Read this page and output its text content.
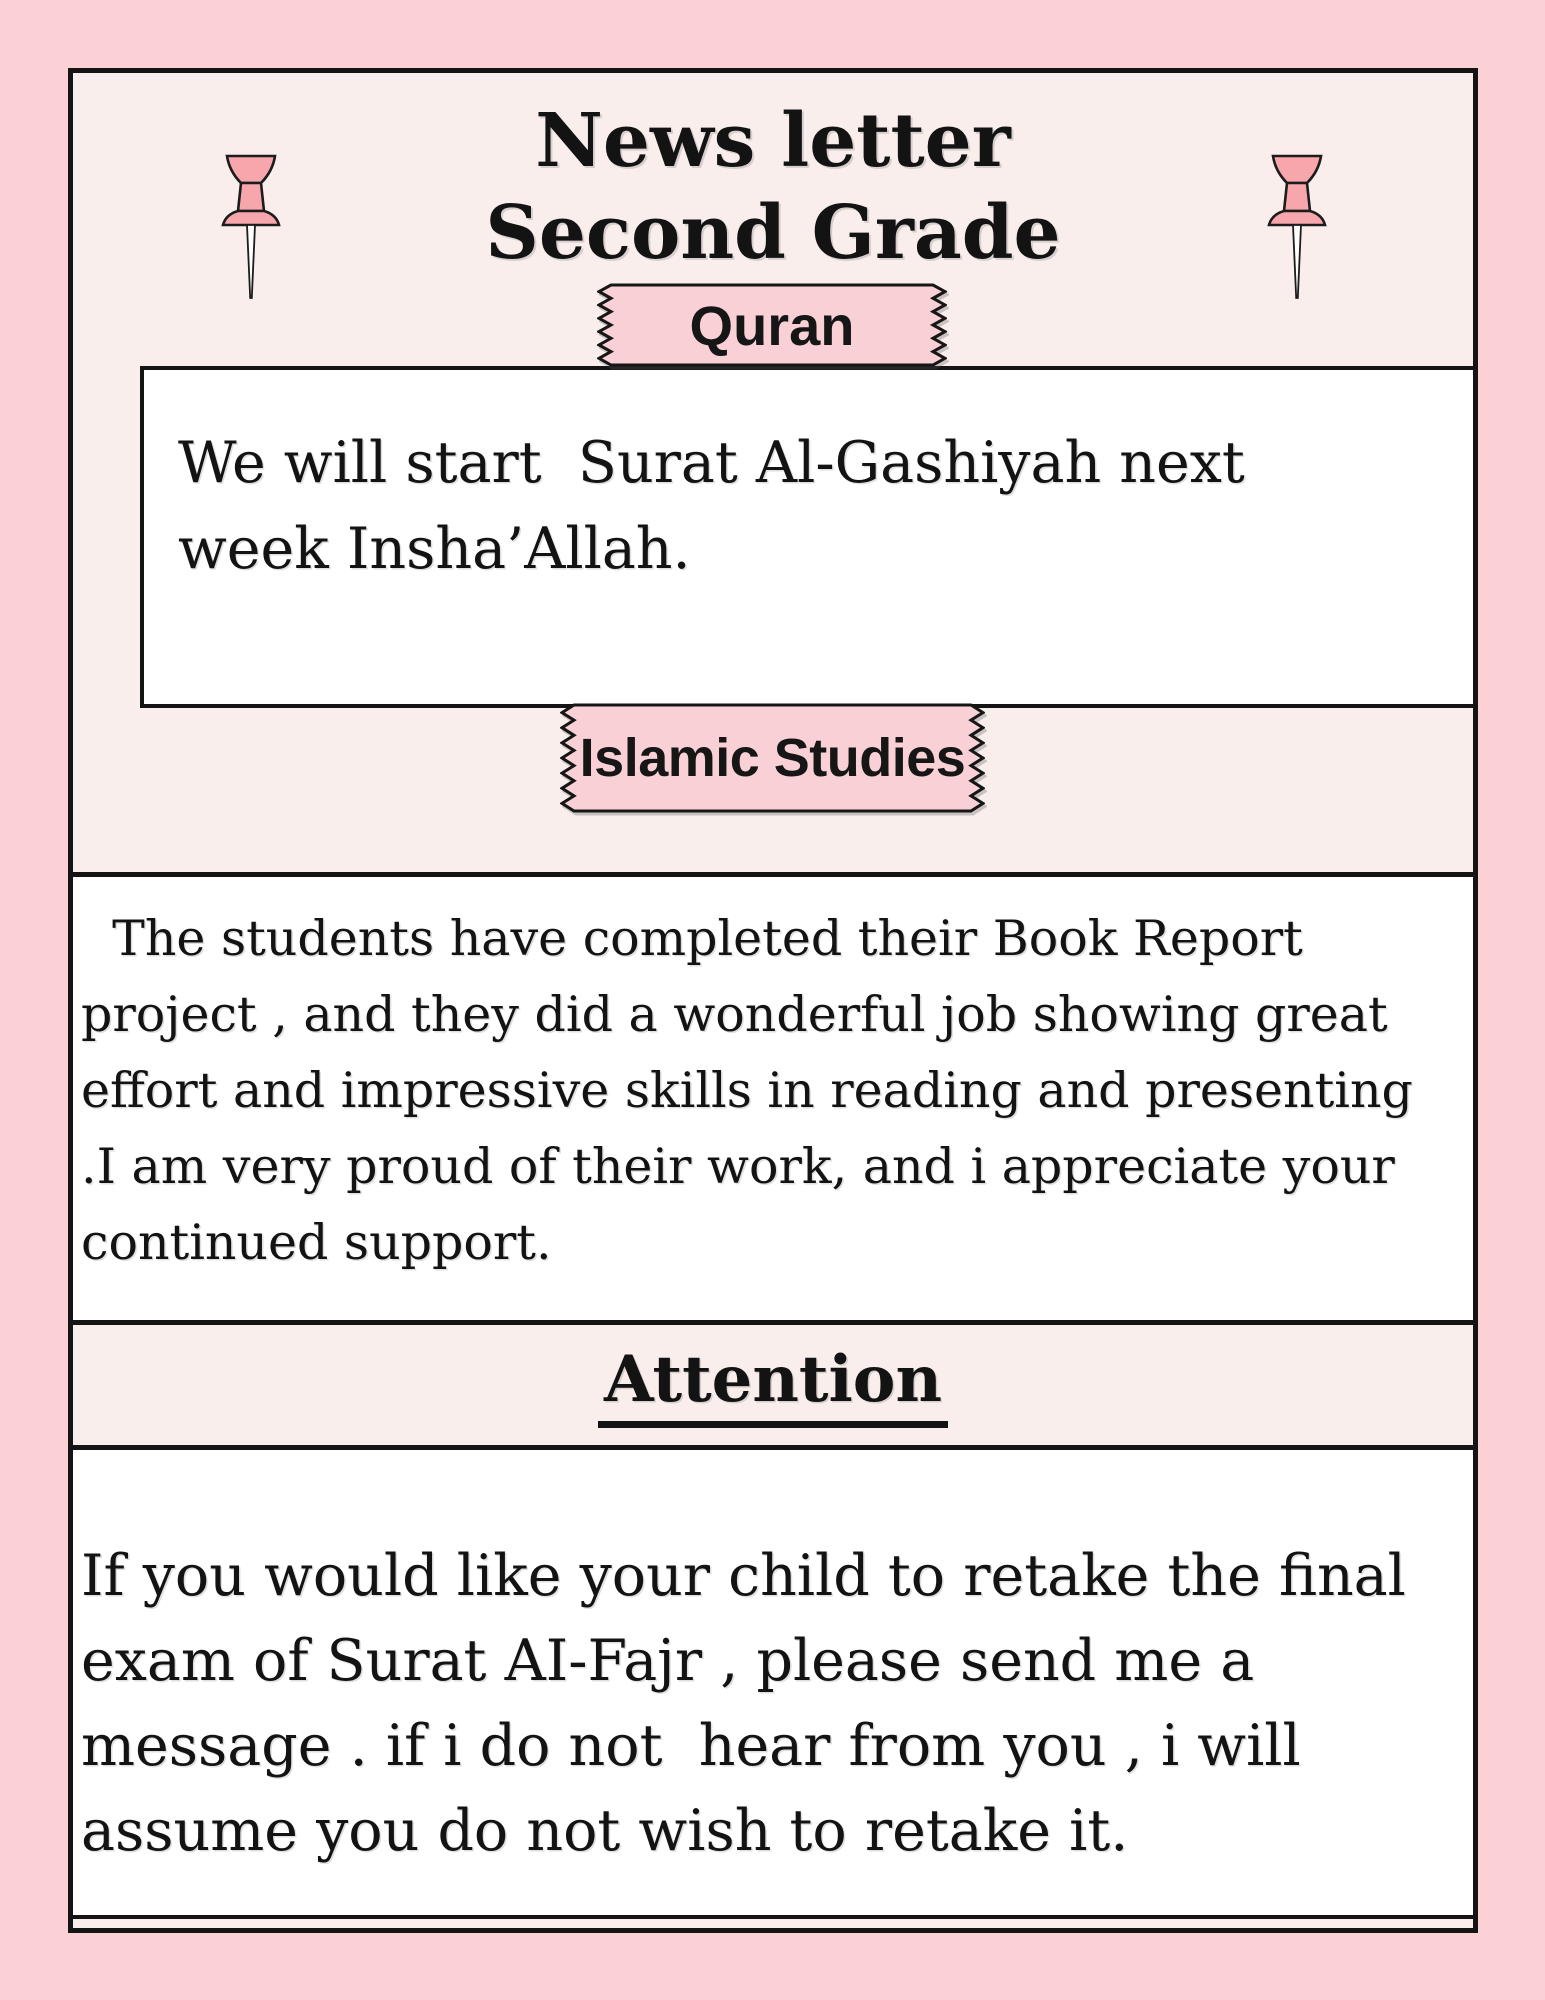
News letter
Second Grade
Quran
We will start  Surat Al-Gashiyah next
week Insha’Allah.
Islamic Studies
The students have completed their Book Report
project , and they did a wonderful job showing great
effort and impressive skills in reading and presenting
.I am very proud of their work, and i appreciate your
continued support.
Attention
If you would like your child to retake the final
exam of Surat AI-Fajr , please send me a
message . if i do not  hear from you , i will
assume you do not wish to retake it.
